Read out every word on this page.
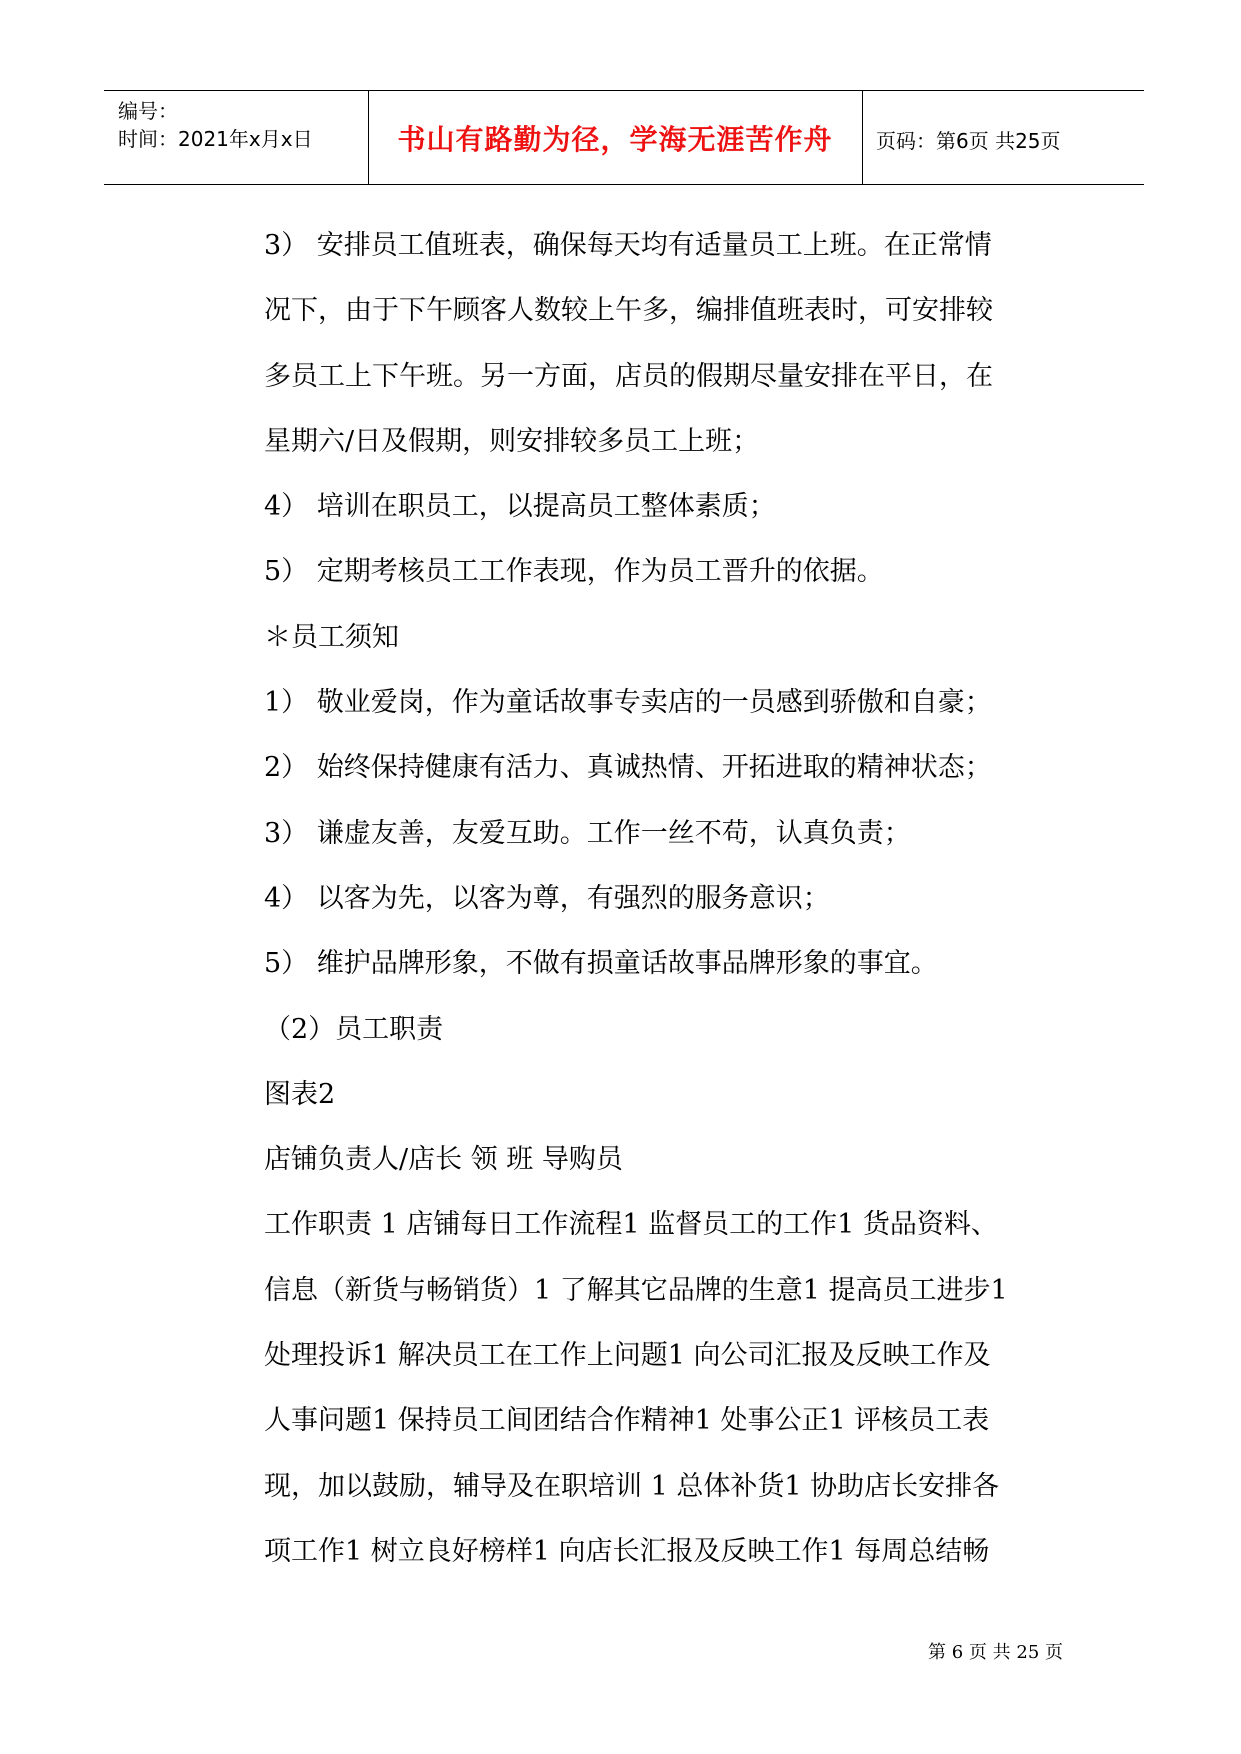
编号：
时间：2021年x月x日	书山有路勤为径，学海无涯苦作舟	页码：第6页 共25页
3） 安排员工值班表，确保每天均有适量员工上班。在正常情
况下，由于下午顾客人数较上午多，编排值班表时，可安排较
多员工上下午班。另一方面，店员的假期尽量安排在平日，在
星期六/日及假期，则安排较多员工上班；
4） 培训在职员工，以提高员工整体素质；
5） 定期考核员工工作表现，作为员工晋升的依据。
＊员工须知
1） 敬业爱岗，作为童话故事专卖店的一员感到骄傲和自豪；
2） 始终保持健康有活力、真诚热情、开拓进取的精神状态；
3） 谦虚友善，友爱互助。工作一丝不苟，认真负责；
4） 以客为先，以客为尊，有强烈的服务意识；
5） 维护品牌形象，不做有损童话故事品牌形象的事宜。
（2）员工职责
图表2
店铺负责人/店长 领 班 导购员
工作职责 1 店铺每日工作流程1 监督员工的工作1 货品资料、
信息（新货与畅销货）1 了解其它品牌的生意1 提高员工进步1
处理投诉1 解决员工在工作上问题1 向公司汇报及反映工作及
人事问题1 保持员工间团结合作精神1 处事公正1 评核员工表
现，加以鼓励，辅导及在职培训 1 总体补货1 协助店长安排各
项工作1 树立良好榜样1 向店长汇报及反映工作1 每周总结畅
第 6 页 共 25 页
